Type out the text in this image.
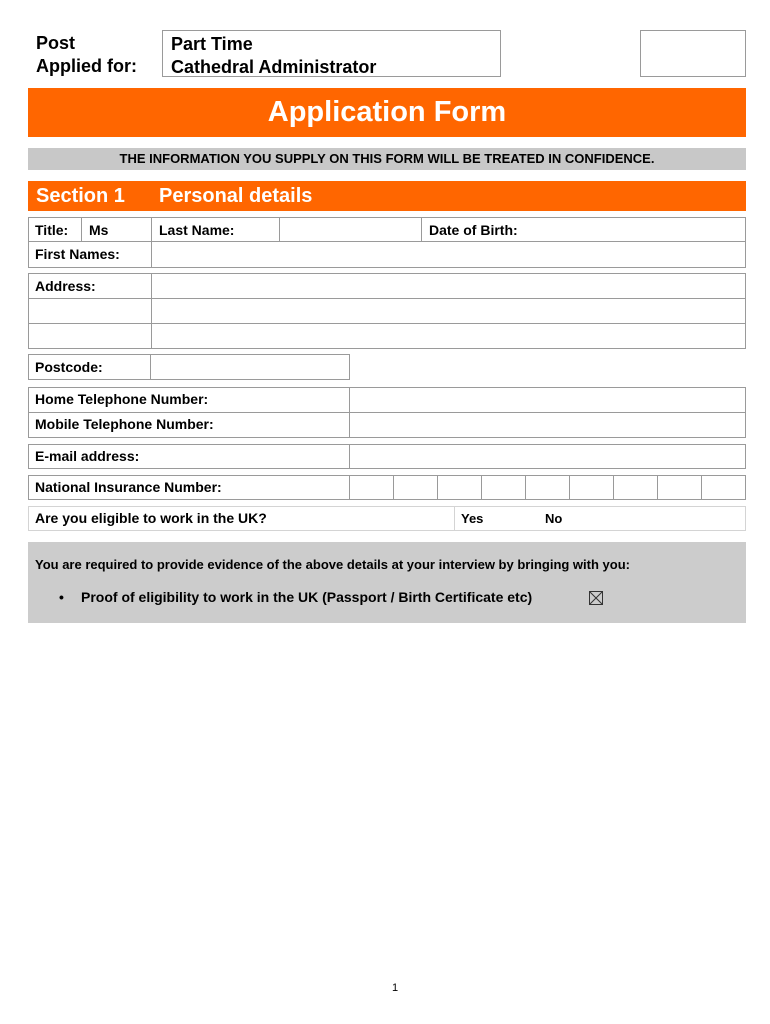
Post
Applied for:
Part Time
Cathedral Administrator
Application Form
THE INFORMATION YOU SUPPLY ON THIS FORM WILL BE TREATED IN CONFIDENCE.
Section 1 Personal details
Title: Ms	Last Name:	Date of Birth:
First Names:
Address:
Postcode:
Home Telephone Number:
Mobile Telephone Number:
E-mail address:
National Insurance Number:
Are you eligible to work in the UK?	Yes	No
You are required to provide evidence of the above details at your interview by bringing with you:
• Proof of eligibility to work in the UK (Passport / Birth Certificate etc)
1
